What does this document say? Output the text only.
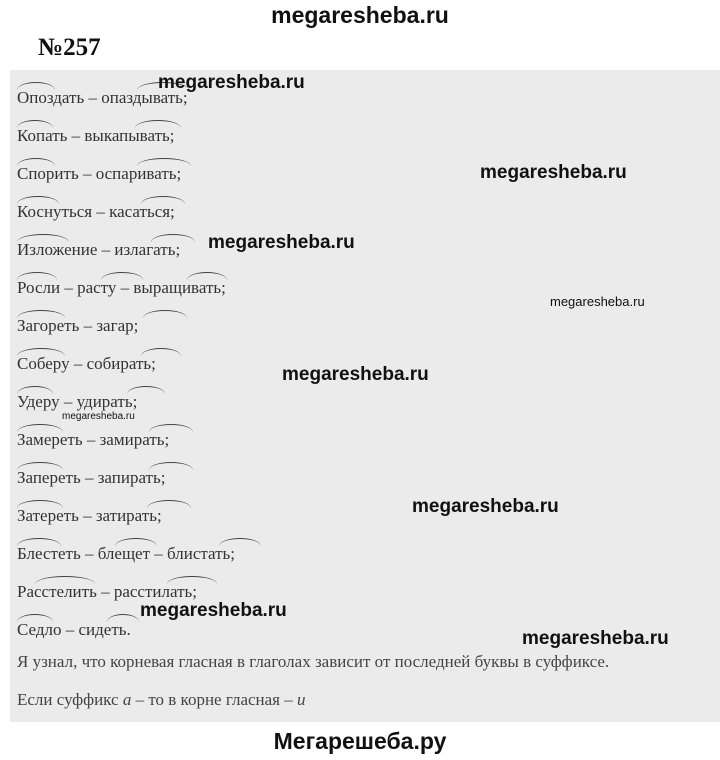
megaresheba.ru
№257
Опоздать – опаздывать;
Копать – выкапывать;
Спорить – оспаривать;
Коснуться – касаться;
Изложение – излагать;
Росли – расту – выращивать;
Загореть – загар;
Соберу – собирать;
Удеру – удирать;
Замереть – замирать;
Запереть – запирать;
Затереть – затирать;
Блестеть – блещет – блистать;
Расстелить – расстилать;
Седло – сидеть.
Я узнал, что корневая гласная в глаголах зависит от последней буквы в суффиксе.
Если суффикс а – то в корне гласная – и
megaresheba.ru
megaresheba.ru
megaresheba.ru
megaresheba.ru
megaresheba.ru
megaresheba.ru
megaresheba.ru
megaresheba.ru
megaresheba.ru
Мегарешеба.ру
